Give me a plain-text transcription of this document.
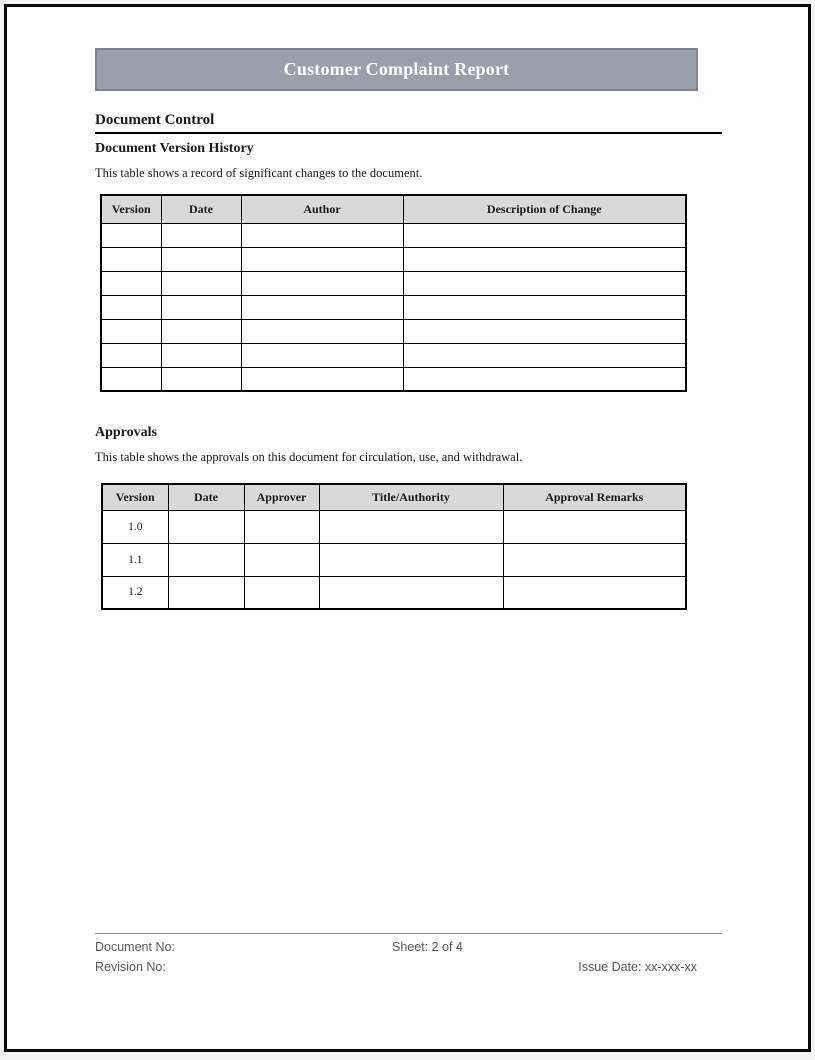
Customer Complaint Report
Document Control
Document Version History

This table shows a record of significant changes to the document.

Version	Date	Author	Description of Change

Approvals

This table shows the approvals on this document for circulation, use, and withdrawal.

Version	Date	Approver	Title/Authority	Approval Remarks
1.0				
1.1				
1.2				
Document No:	Sheet: 2 of 4
Revision No:	Issue Date: xx-xxx-xx
